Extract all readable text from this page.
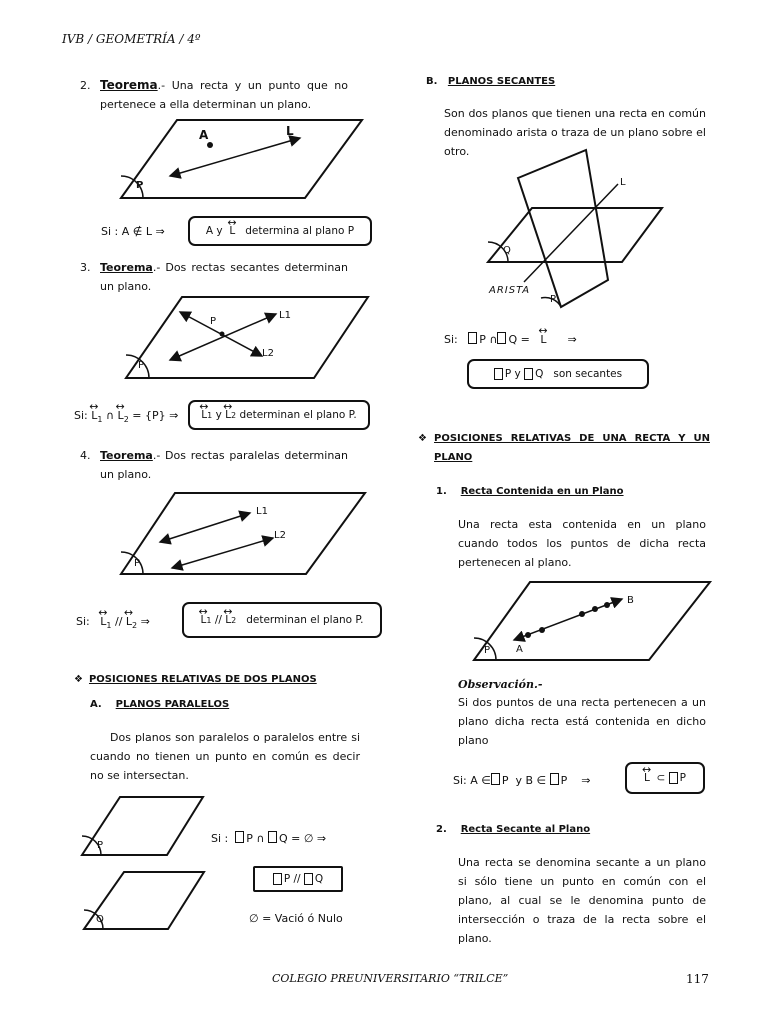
IVB / GEOMETRÍA / 4º
2. Teorema.- Una recta y un punto que no pertenece a ella determinan un plano.
A	L
P
Si : A ∉ L ⇒	A y
↔ L
determina al plano P
3. Teorema.- Dos rectas secantes determinan un plano.
P
L1
L2
P
Si: ↔ $L_1$ ∩ ↔ $L_2 = \{P\}$ ⇒ ↔ L 1
y
↔ L 2
determinan el plano P.
4. Teorema.- Dos rectas paralelas determinan un plano.
L1
L2
P
Si: ↔ $L_1$ // ↔ $L_2$ ⇒	↔ L 1
//
↔ L 2
determinan el plano P.
❖ POSICIONES RELATIVAS DE DOS PLANOS
A. PLANOS PARALELOS
Dos planos son paralelos o paralelos entre si cuando no tienen un punto en común es decir no se intersectan.
P
Q
Si : P ∩ Q = ∅ ⇒
P
//
Q
∅ = Vació ó Nulo
B. PLANOS SECANTES
Son dos planos que tienen una recta en común denominado arista o traza de un plano sobre el otro.
L
Q
ARISTA
P
Si: P ∩ Q = ↔ L ⇒
P
y
Q
son secantes
❖ POSICIONES RELATIVAS DE UNA RECTA Y UN PLANO
1. Recta Contenida en un Plano
Una recta esta contenida en un plano cuando todos los puntos de dicha recta pertenecen al plano.
B
A
P
Observación.-
Si dos puntos de una recta pertenecen a un plano dicha recta está contenida en dicho plano
Si: A ∈ P y B ∈ P ⇒	↔ L
⊂
P
2. Recta Secante al Plano
Una recta se denomina secante a un plano si sólo tiene un punto en común con el plano, al cual se le denomina punto de intersección o traza de la recta sobre el plano.
COLEGIO PREUNIVERSITARIO “TRILCE”	117
